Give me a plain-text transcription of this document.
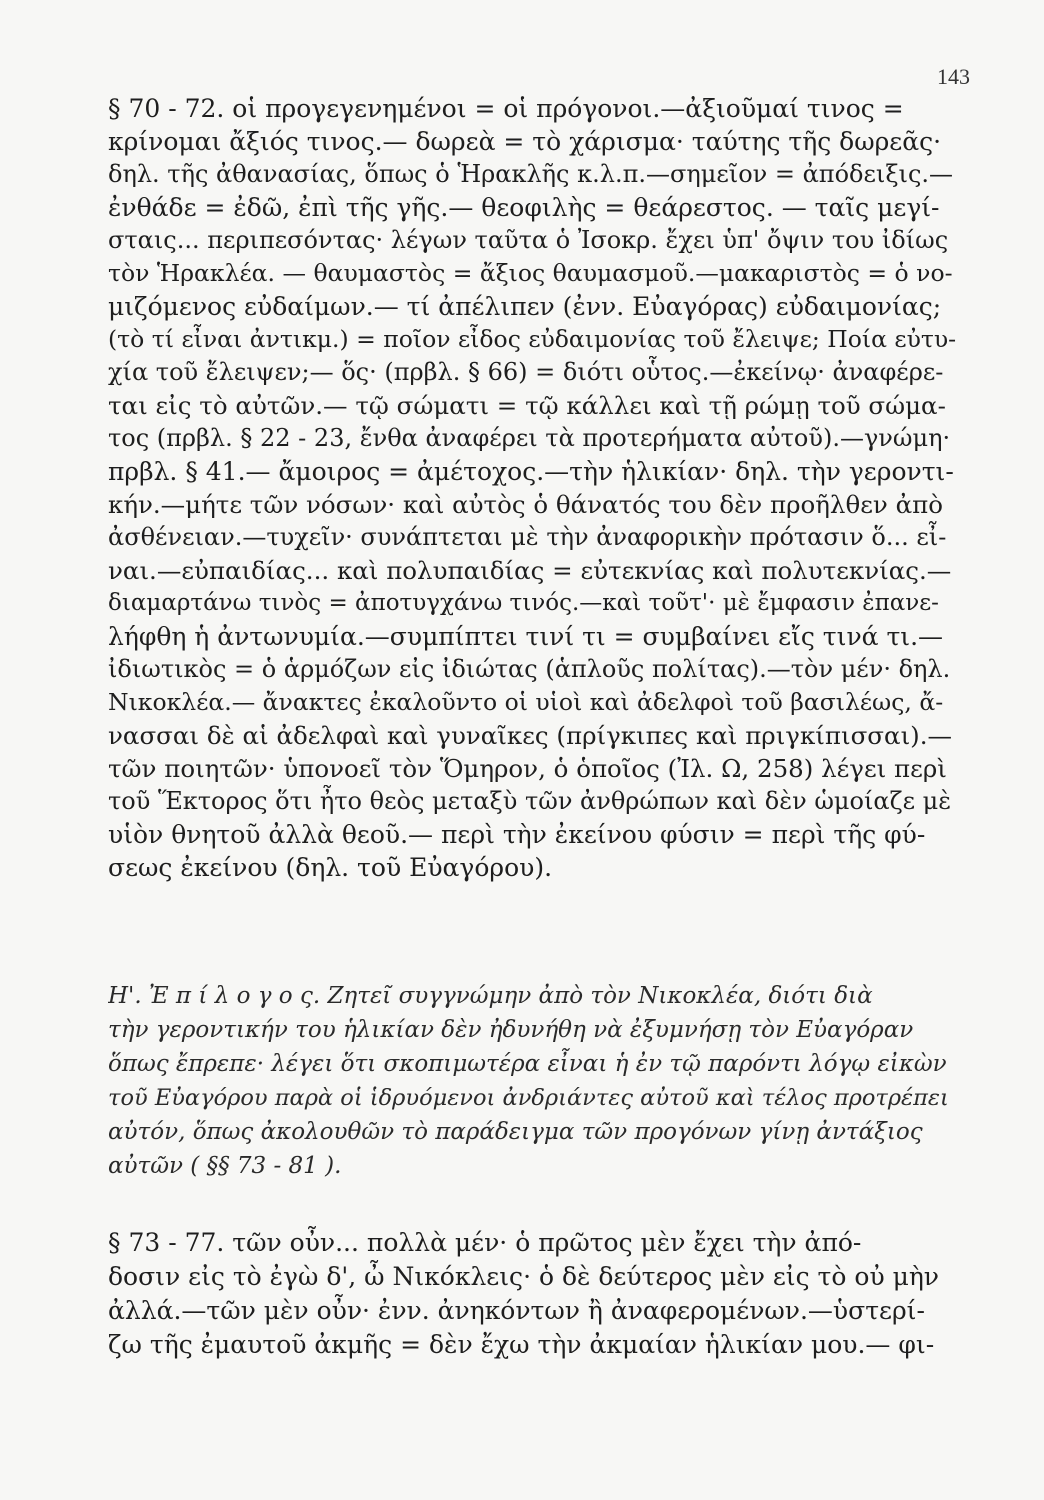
143
§ 70 - 72. οἱ προγεγενημένοι = οἱ πρόγονοι.—ἀξιοῦμαί τινος =
κρίνομαι ἄξιός τινος.— δωρεὰ = τὸ χάρισμα· ταύτης τῆς δωρεᾶς·
δηλ. τῆς ἀθανασίας, ὅπως ὁ Ἡρακλῆς κ.λ.π.—σημεῖον = ἀπόδειξις.—
ἐνθάδε = ἐδῶ, ἐπὶ τῆς γῆς.— θεοφιλὴς = θεάρεστος. — ταῖς μεγί-
σταις... περιπεσόντας· λέγων ταῦτα ὁ Ἰσοκρ. ἔχει ὑπ' ὄψιν του ἰδίως
τὸν Ἡρακλέα. — θαυμαστὸς = ἄξιος θαυμασμοῦ.—μακαριστὸς = ὁ νο-
μιζόμενος εὐδαίμων.— τί ἀπέλιπεν (ἐνν. Εὐαγόρας) εὐδαιμονίας;
(τὸ τί εἶναι ἀντικμ.) = ποῖον εἶδος εὐδαιμονίας τοῦ ἔλειψε; Ποία εὐτυ-
χία τοῦ ἔλειψεν;— ὅς· (πρβλ. § 66) = διότι οὗτος.—ἐκείνῳ· ἀναφέρε-
ται εἰς τὸ αὐτῶν.— τῷ σώματι = τῷ κάλλει καὶ τῇ ρώμῃ τοῦ σώμα-
τος (πρβλ. § 22 - 23, ἔνθα ἀναφέρει τὰ προτερήματα αὐτοῦ).—γνώμη·
πρβλ. § 41.— ἄμοιρος = ἀμέτοχος.—τὴν ἡλικίαν· δηλ. τὴν γεροντι-
κήν.—μήτε τῶν νόσων· καὶ αὐτὸς ὁ θάνατός του δὲν προῆλθεν ἀπὸ
ἀσθένειαν.—τυχεῖν· συνάπτεται μὲ τὴν ἀναφορικὴν πρότασιν ὅ... εἶ-
ναι.—εὐπαιδίας... καὶ πολυπαιδίας = εὐτεκνίας καὶ πολυτεκνίας.—
διαμαρτάνω τινὸς = ἀποτυγχάνω τινός.—καὶ τοῦτ'· μὲ ἔμφασιν ἐπανε-
λήφθη ἡ ἀντωνυμία.—συμπίπτει τινί τι = συμβαίνει εἴς τινά τι.—
ἰδιωτικὸς = ὁ ἁρμόζων εἰς ἰδιώτας (ἁπλοῦς πολίτας).—τὸν μέν· δηλ.
Νικοκλέα.— ἄνακτες ἐκαλοῦντο οἱ υἱοὶ καὶ ἀδελφοὶ τοῦ βασιλέως, ἄ-
νασσαι δὲ αἱ ἀδελφαὶ καὶ γυναῖκες (πρίγκιπες καὶ πριγκίπισσαι).—
τῶν ποιητῶν· ὑπονοεῖ τὸν Ὅμηρον, ὁ ὁποῖος (Ἰλ. Ω, 258) λέγει περὶ
τοῦ Ἕκτορος ὅτι ἦτο θεὸς μεταξὺ τῶν ἀνθρώπων καὶ δὲν ὡμοίαζε μὲ
υἱὸν θνητοῦ ἀλλὰ θεοῦ.— περὶ τὴν ἐκείνου φύσιν = περὶ τῆς φύ-
σεως ἐκείνου (δηλ. τοῦ Εὐαγόρου).
Η'. Ἐ π ί λ ο γ ο ς. Ζητεῖ συγγνώμην ἀπὸ τὸν Νικοκλέα, διότι διὰ
τὴν γεροντικήν του ἡλικίαν δὲν ἠδυνήθη νὰ ἐξυμνήσῃ τὸν Εὐαγόραν
ὅπως ἔπρεπε· λέγει ὅτι σκοπιμωτέρα εἶναι ἡ ἐν τῷ παρόντι λόγῳ εἰκὼν
τοῦ Εὐαγόρου παρὰ οἱ ἱδρυόμενοι ἀνδριάντες αὐτοῦ καὶ τέλος προτρέπει
αὐτόν, ὅπως ἀκολουθῶν τὸ παράδειγμα τῶν προγόνων γίνῃ ἀντάξιος
αὐτῶν ( §§ 73 - 81 ).
§ 73 - 77. τῶν οὖν... πολλὰ μέν· ὁ πρῶτος μὲν ἔχει τὴν ἀπό-
δοσιν εἰς τὸ ἐγὼ δ', ὦ Νικόκλεις· ὁ δὲ δεύτερος μὲν εἰς τὸ οὐ μὴν
ἀλλά.—τῶν μὲν οὖν· ἐνν. ἀνηκόντων ἢ ἀναφερομένων.—ὑστερί-
ζω τῆς ἐμαυτοῦ ἀκμῆς = δὲν ἔχω τὴν ἀκμαίαν ἡλικίαν μου.— φι-
